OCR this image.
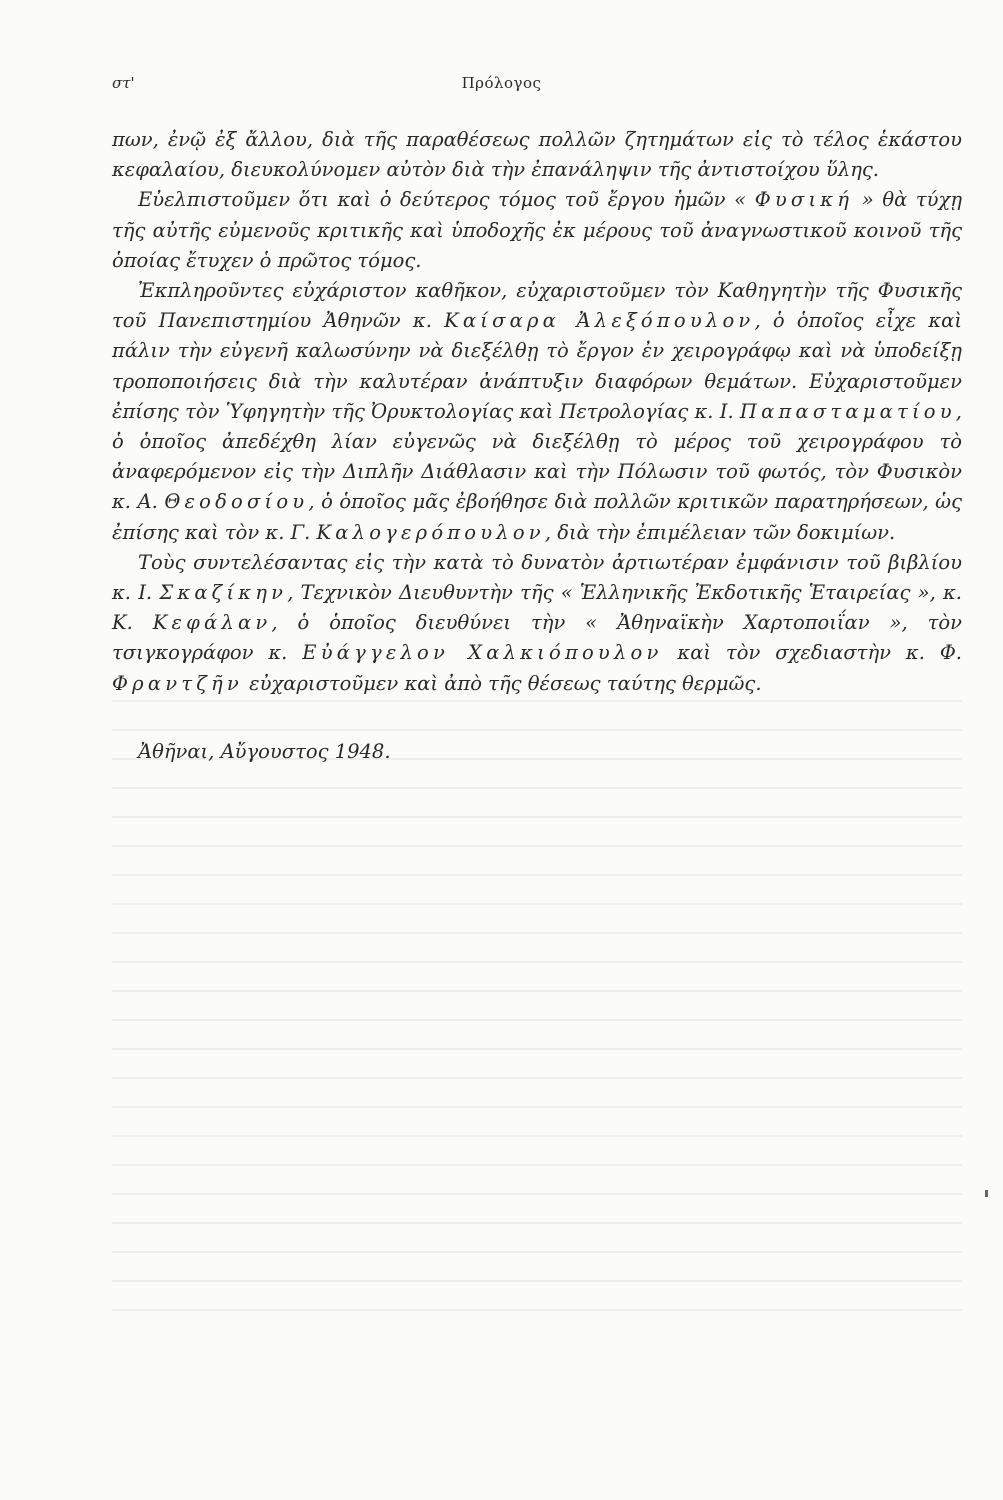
στ'	Πρόλογος

πων, ἐνῷ ἐξ ἄλλου, διὰ τῆς παραθέσεως πολλῶν ζητημάτων εἰς τὸ τέλος ἑκάστου κεφαλαίου, διευκολύνομεν αὐτὸν διὰ τὴν ἐπανάληψιν τῆς ἀντιστοίχου ὕλης.

Εὐελπιστοῦμεν ὅτι καὶ ὁ δεύτερος τόμος τοῦ ἔργου ἡμῶν « Φυσική » θὰ τύχῃ τῆς αὐτῆς εὐμενοῦς κριτικῆς καὶ ὑποδοχῆς ἐκ μέρους τοῦ ἀναγνωστικοῦ κοινοῦ τῆς ὁποίας ἔτυχεν ὁ πρῶτος τόμος.

Ἐκπληροῦντες εὐχάριστον καθῆκον, εὐχαριστοῦμεν τὸν Καθηγητὴν τῆς Φυσικῆς τοῦ Πανεπιστημίου Ἀθηνῶν κ. Καίσαρα Ἀλεξόπουλον, ὁ ὁποῖος εἶχε καὶ πάλιν τὴν εὐγενῆ καλωσύνην νὰ διεξέλθῃ τὸ ἔργον ἐν χειρογράφῳ καὶ νὰ ὑποδείξῃ τροποποιήσεις διὰ τὴν καλυτέραν ἀνάπτυξιν διαφόρων θεμάτων. Εὐχαριστοῦμεν ἐπίσης τὸν Ὑφηγητὴν τῆς Ὀρυκτολογίας καὶ Πετρολογίας κ. Ι. Παπασταματίου, ὁ ὁποῖος ἀπεδέχθη λίαν εὐγενῶς νὰ διεξέλθῃ τὸ μέρος τοῦ χειρογράφου τὸ ἀναφερόμενον εἰς τὴν Διπλῆν Διάθλασιν καὶ τὴν Πόλωσιν τοῦ φωτός, τὸν Φυσικὸν κ. Α. Θεοδοσίου, ὁ ὁποῖος μᾶς ἐβοήθησε διὰ πολλῶν κριτικῶν παρατηρήσεων, ὡς ἐπίσης καὶ τὸν κ. Γ. Καλογερόπουλον, διὰ τὴν ἐπιμέλειαν τῶν δοκιμίων.

Τοὺς συντελέσαντας εἰς τὴν κατὰ τὸ δυνατὸν ἀρτιωτέραν ἐμφάνισιν τοῦ βιβλίου κ. Ι. Σκαζίκην, Τεχνικὸν Διευθυντὴν τῆς « Ἑλληνικῆς Ἐκδοτικῆς Ἑταιρείας », κ. Κ. Κεφάλαν, ὁ ὁποῖος διευθύνει τὴν « Ἀθηναϊκὴν Χαρτοποιΐαν », τὸν τσιγκογράφον κ. Εὐάγγελον Χαλκιόπουλον καὶ τὸν σχεδιαστὴν κ. Φ. Φραντζῆν εὐχαριστοῦμεν καὶ ἀπὸ τῆς θέσεως ταύτης θερμῶς.

Ἀθῆναι, Αὔγουστος 1948.
